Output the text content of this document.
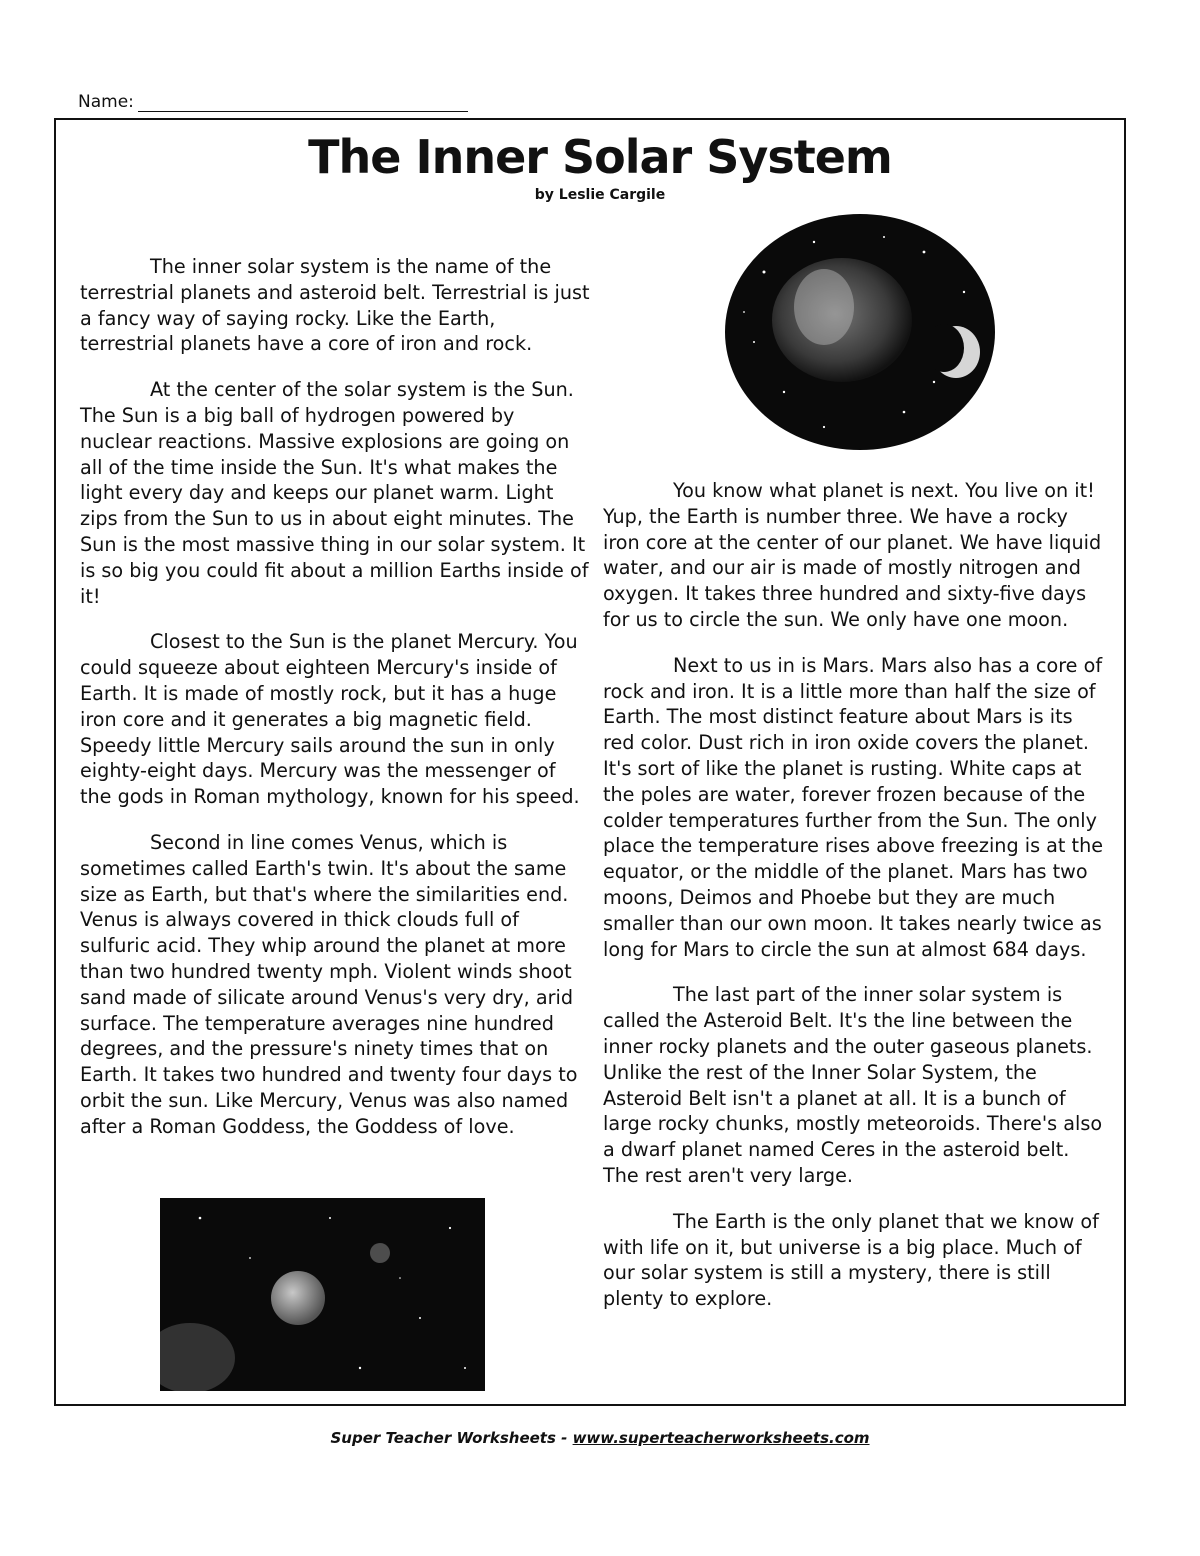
Name:
The Inner Solar System
by Leslie Cargile

The inner solar system is the name of the terrestrial planets and asteroid belt. Terrestrial is just a fancy way of saying rocky. Like the Earth, terrestrial planets have a core of iron and rock.

At the center of the solar system is the Sun. The Sun is a big ball of hydrogen powered by nuclear reactions. Massive explosions are going on all of the time inside the Sun. It's what makes the light every day and keeps our planet warm. Light zips from the Sun to us in about eight minutes. The Sun is the most massive thing in our solar system. It is so big you could fit about a million Earths inside of it!

Closest to the Sun is the planet Mercury. You could squeeze about eighteen Mercury's inside of Earth. It is made of mostly rock, but it has a huge iron core and it generates a big magnetic field. Speedy little Mercury sails around the sun in only eighty-eight days. Mercury was the messenger of the gods in Roman mythology, known for his speed.

Second in line comes Venus, which is sometimes called Earth's twin. It's about the same size as Earth, but that's where the similarities end. Venus is always covered in thick clouds full of sulfuric acid. They whip around the planet at more than two hundred twenty mph. Violent winds shoot sand made of silicate around Venus's very dry, arid surface. The temperature averages nine hundred degrees, and the pressure's ninety times that on Earth. It takes two hundred and twenty four days to orbit the sun. Like Mercury, Venus was also named after a Roman Goddess, the Goddess of love.

You know what planet is next. You live on it! Yup, the Earth is number three. We have a rocky iron core at the center of our planet. We have liquid water, and our air is made of mostly nitrogen and oxygen. It takes three hundred and sixty-five days for us to circle the sun. We only have one moon.

Next to us in is Mars. Mars also has a core of rock and iron. It is a little more than half the size of Earth. The most distinct feature about Mars is its red color. Dust rich in iron oxide covers the planet. It's sort of like the planet is rusting. White caps at the poles are water, forever frozen because of the colder temperatures further from the Sun. The only place the temperature rises above freezing is at the equator, or the middle of the planet. Mars has two moons, Deimos and Phoebe but they are much smaller than our own moon. It takes nearly twice as long for Mars to circle the sun at almost 684 days.

The last part of the inner solar system is called the Asteroid Belt. It's the line between the inner rocky planets and the outer gaseous planets. Unlike the rest of the Inner Solar System, the Asteroid Belt isn't a planet at all. It is a bunch of large rocky chunks, mostly meteoroids. There's also a dwarf planet named Ceres in the asteroid belt. The rest aren't very large.

The Earth is the only planet that we know of with life on it, but universe is a big place. Much of our solar system is still a mystery, there is still plenty to explore.

Super Teacher Worksheets - www.superteacherworksheets.com
